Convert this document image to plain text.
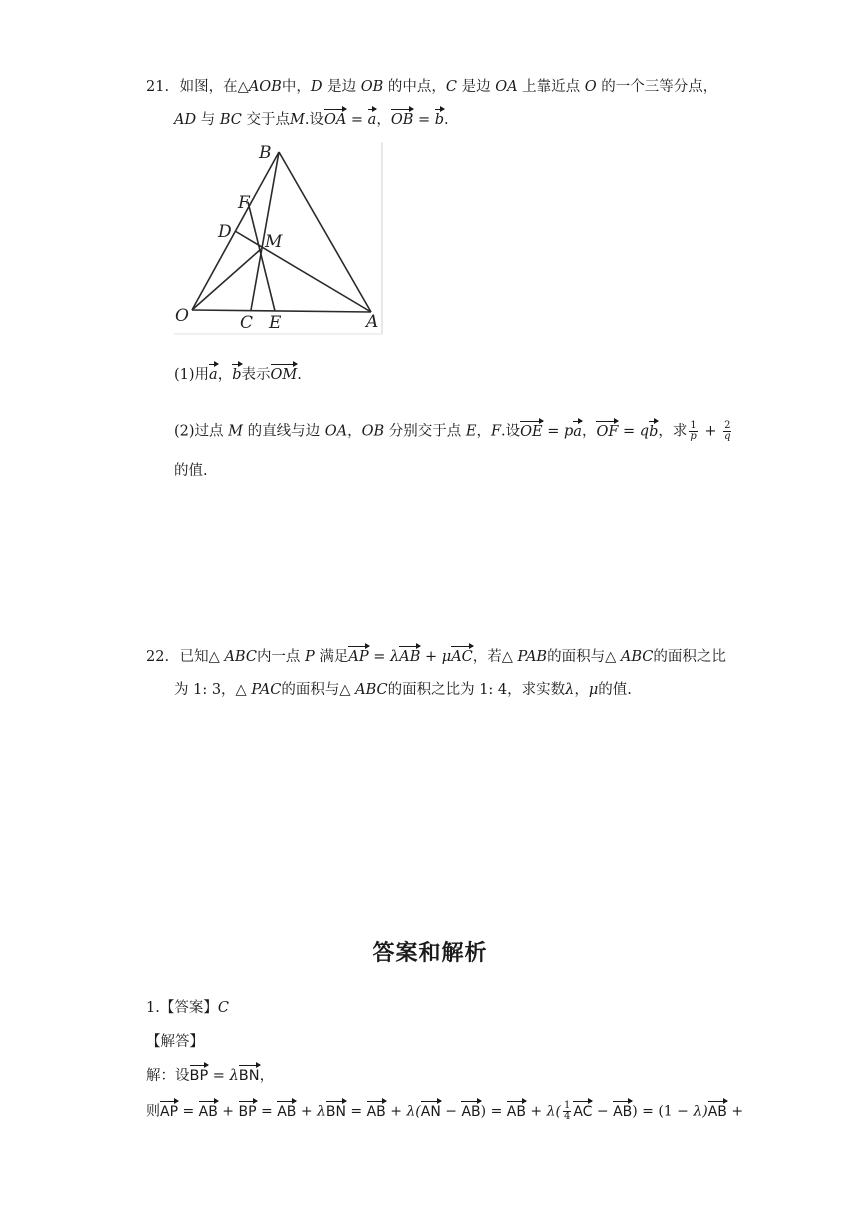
21. 如图，在△AOB中，D 是边 OB 的中点，C 是边 OA 上靠近点 O 的一个三等分点，
AD 与 BC 交于点M.设OA = a，OB = b.
B
F
D M
O	C E	A
(1)用a，b表示OM.
(2)过点 M 的直线与边 OA，OB 分别交于点 E，F.设OE = pa，OF = qb，求 $\frac{1}{p} + \frac{2}{q}$
的值.
22. 已知△ ABC内一点 P 满足AP = λAB + μAC，若△ PAB的面积与△ ABC的面积之比
为 1: 3，△ PAC的面积与△ ABC的面积之比为 1: 4，求实数λ，μ的值.
答案和解析
1.【答案】C
【解答】
解：设BP = λBN，
则AP = AB + BP = AB + λBN = AB + λ(AN − AB) = AB + $\lambda( \frac{1}{4}$ AC − AB) = (1 − λ)AB +
